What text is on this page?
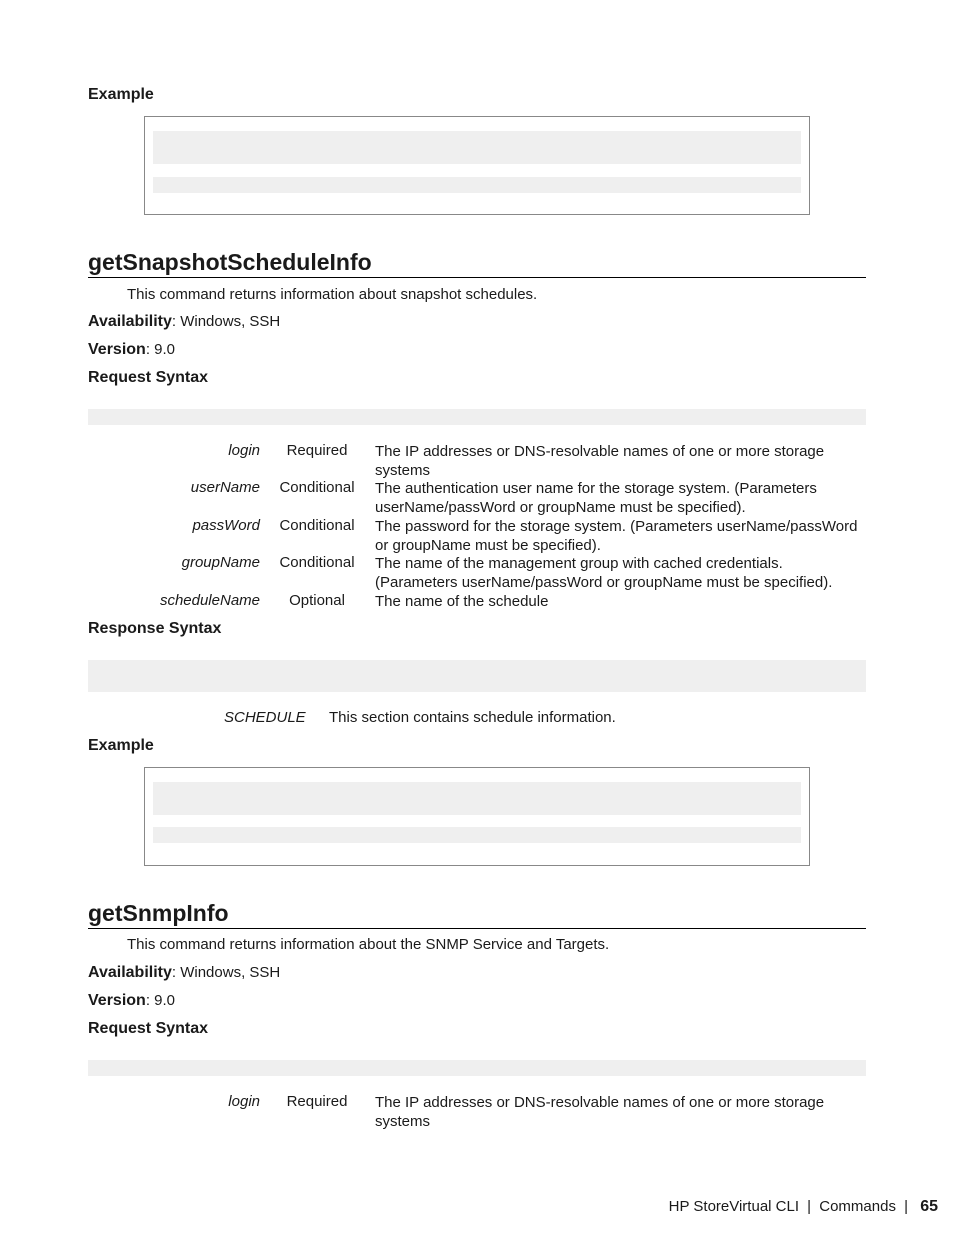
Example
getSnapshotScheduleInfo
This command returns information about snapshot schedules.
Availability: Windows, SSH
Version: 9.0
Request Syntax
login	Required	The IP addresses or DNS-resolvable names of one or more storage systems
userName	Conditional	The authentication user name for the storage system. (Parameters userName/passWord or groupName must be specified).
passWord	Conditional	The password for the storage system. (Parameters userName/passWord or groupName must be specified).
groupName	Conditional	The name of the management group with cached credentials. (Parameters userName/passWord or groupName must be specified).
scheduleName	Optional	The name of the schedule
Response Syntax
SCHEDULE This section contains schedule information.
Example
getSnmpInfo
This command returns information about the SNMP Service and Targets.
Availability: Windows, SSH
Version: 9.0
Request Syntax
login	Required	The IP addresses or DNS-resolvable names of one or more storage systems
HP StoreVirtual CLI | Commands | 65
